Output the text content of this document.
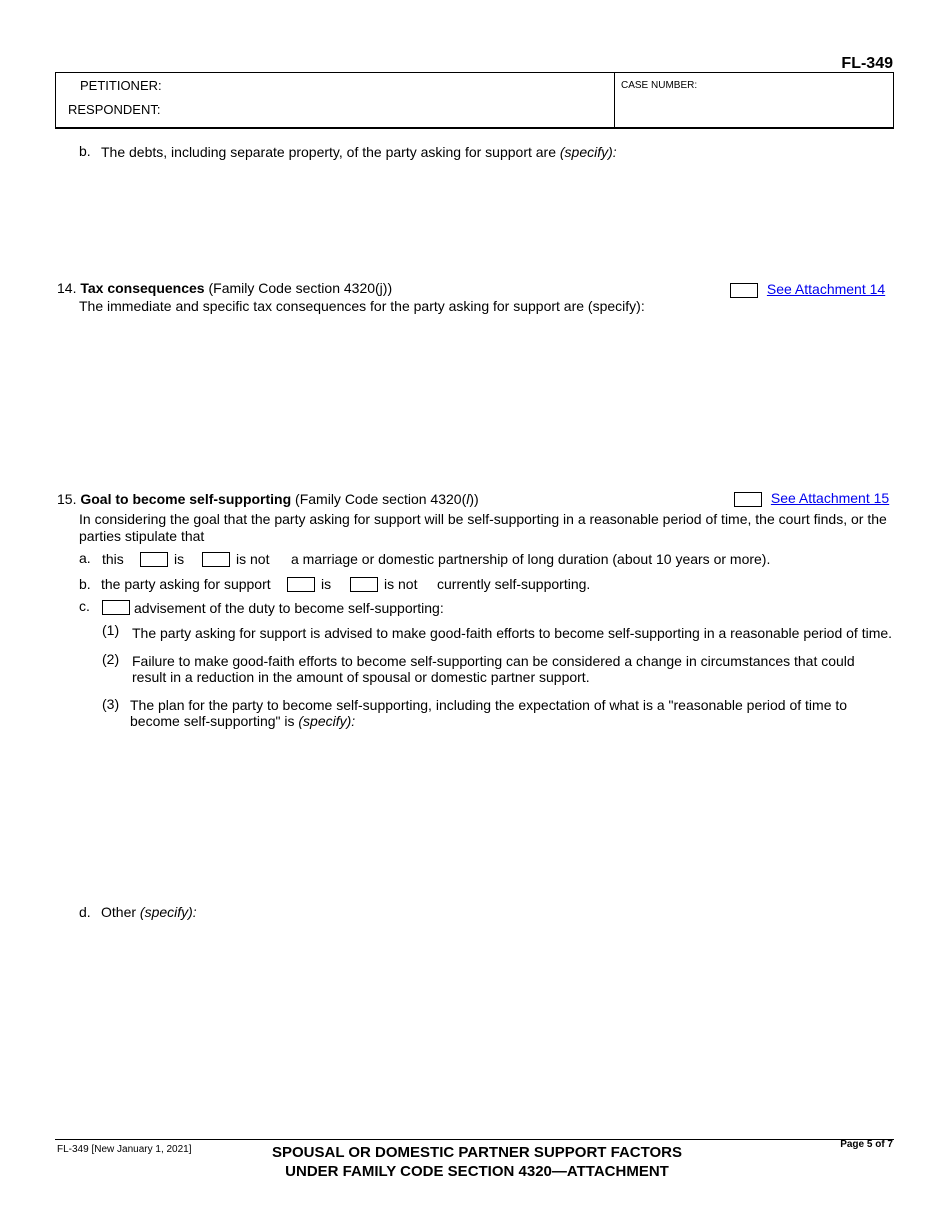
FL-349
PETITIONER:
RESPONDENT:
CASE NUMBER:
b. The debts, including separate property, of the party asking for support are (specify):
14. Tax consequences (Family Code section 4320(j))
The immediate and specific tax consequences for the party asking for support are (specify):
See Attachment 14
15. Goal to become self-supporting (Family Code section 4320(l))	See Attachment 15
In considering the goal that the party asking for support will be self-supporting in a reasonable period of time, the court finds, or the
parties stipulate that
a. this	is	is not a marriage or domestic partnership of long duration (about 10 years or more).
b. the party asking for support	is	is not currently self-supporting.
c.	advisement of the duty to become self-supporting:
(1) The party asking for support is advised to make good-faith efforts to become self-supporting in a reasonable period of time.
(2) Failure to make good-faith efforts to become self-supporting can be considered a change in circumstances that could
result in a reduction in the amount of spousal or domestic partner support.
(3) The plan for the party to become self-supporting, including the expectation of what is a "reasonable period of time to
become self-supporting" is (specify):
d. Other (specify):
FL-349 [New January 1, 2021]	SPOUSAL OR DOMESTIC PARTNER SUPPORT FACTORS
UNDER FAMILY CODE SECTION 4320—ATTACHMENT
Page 5 of 7
